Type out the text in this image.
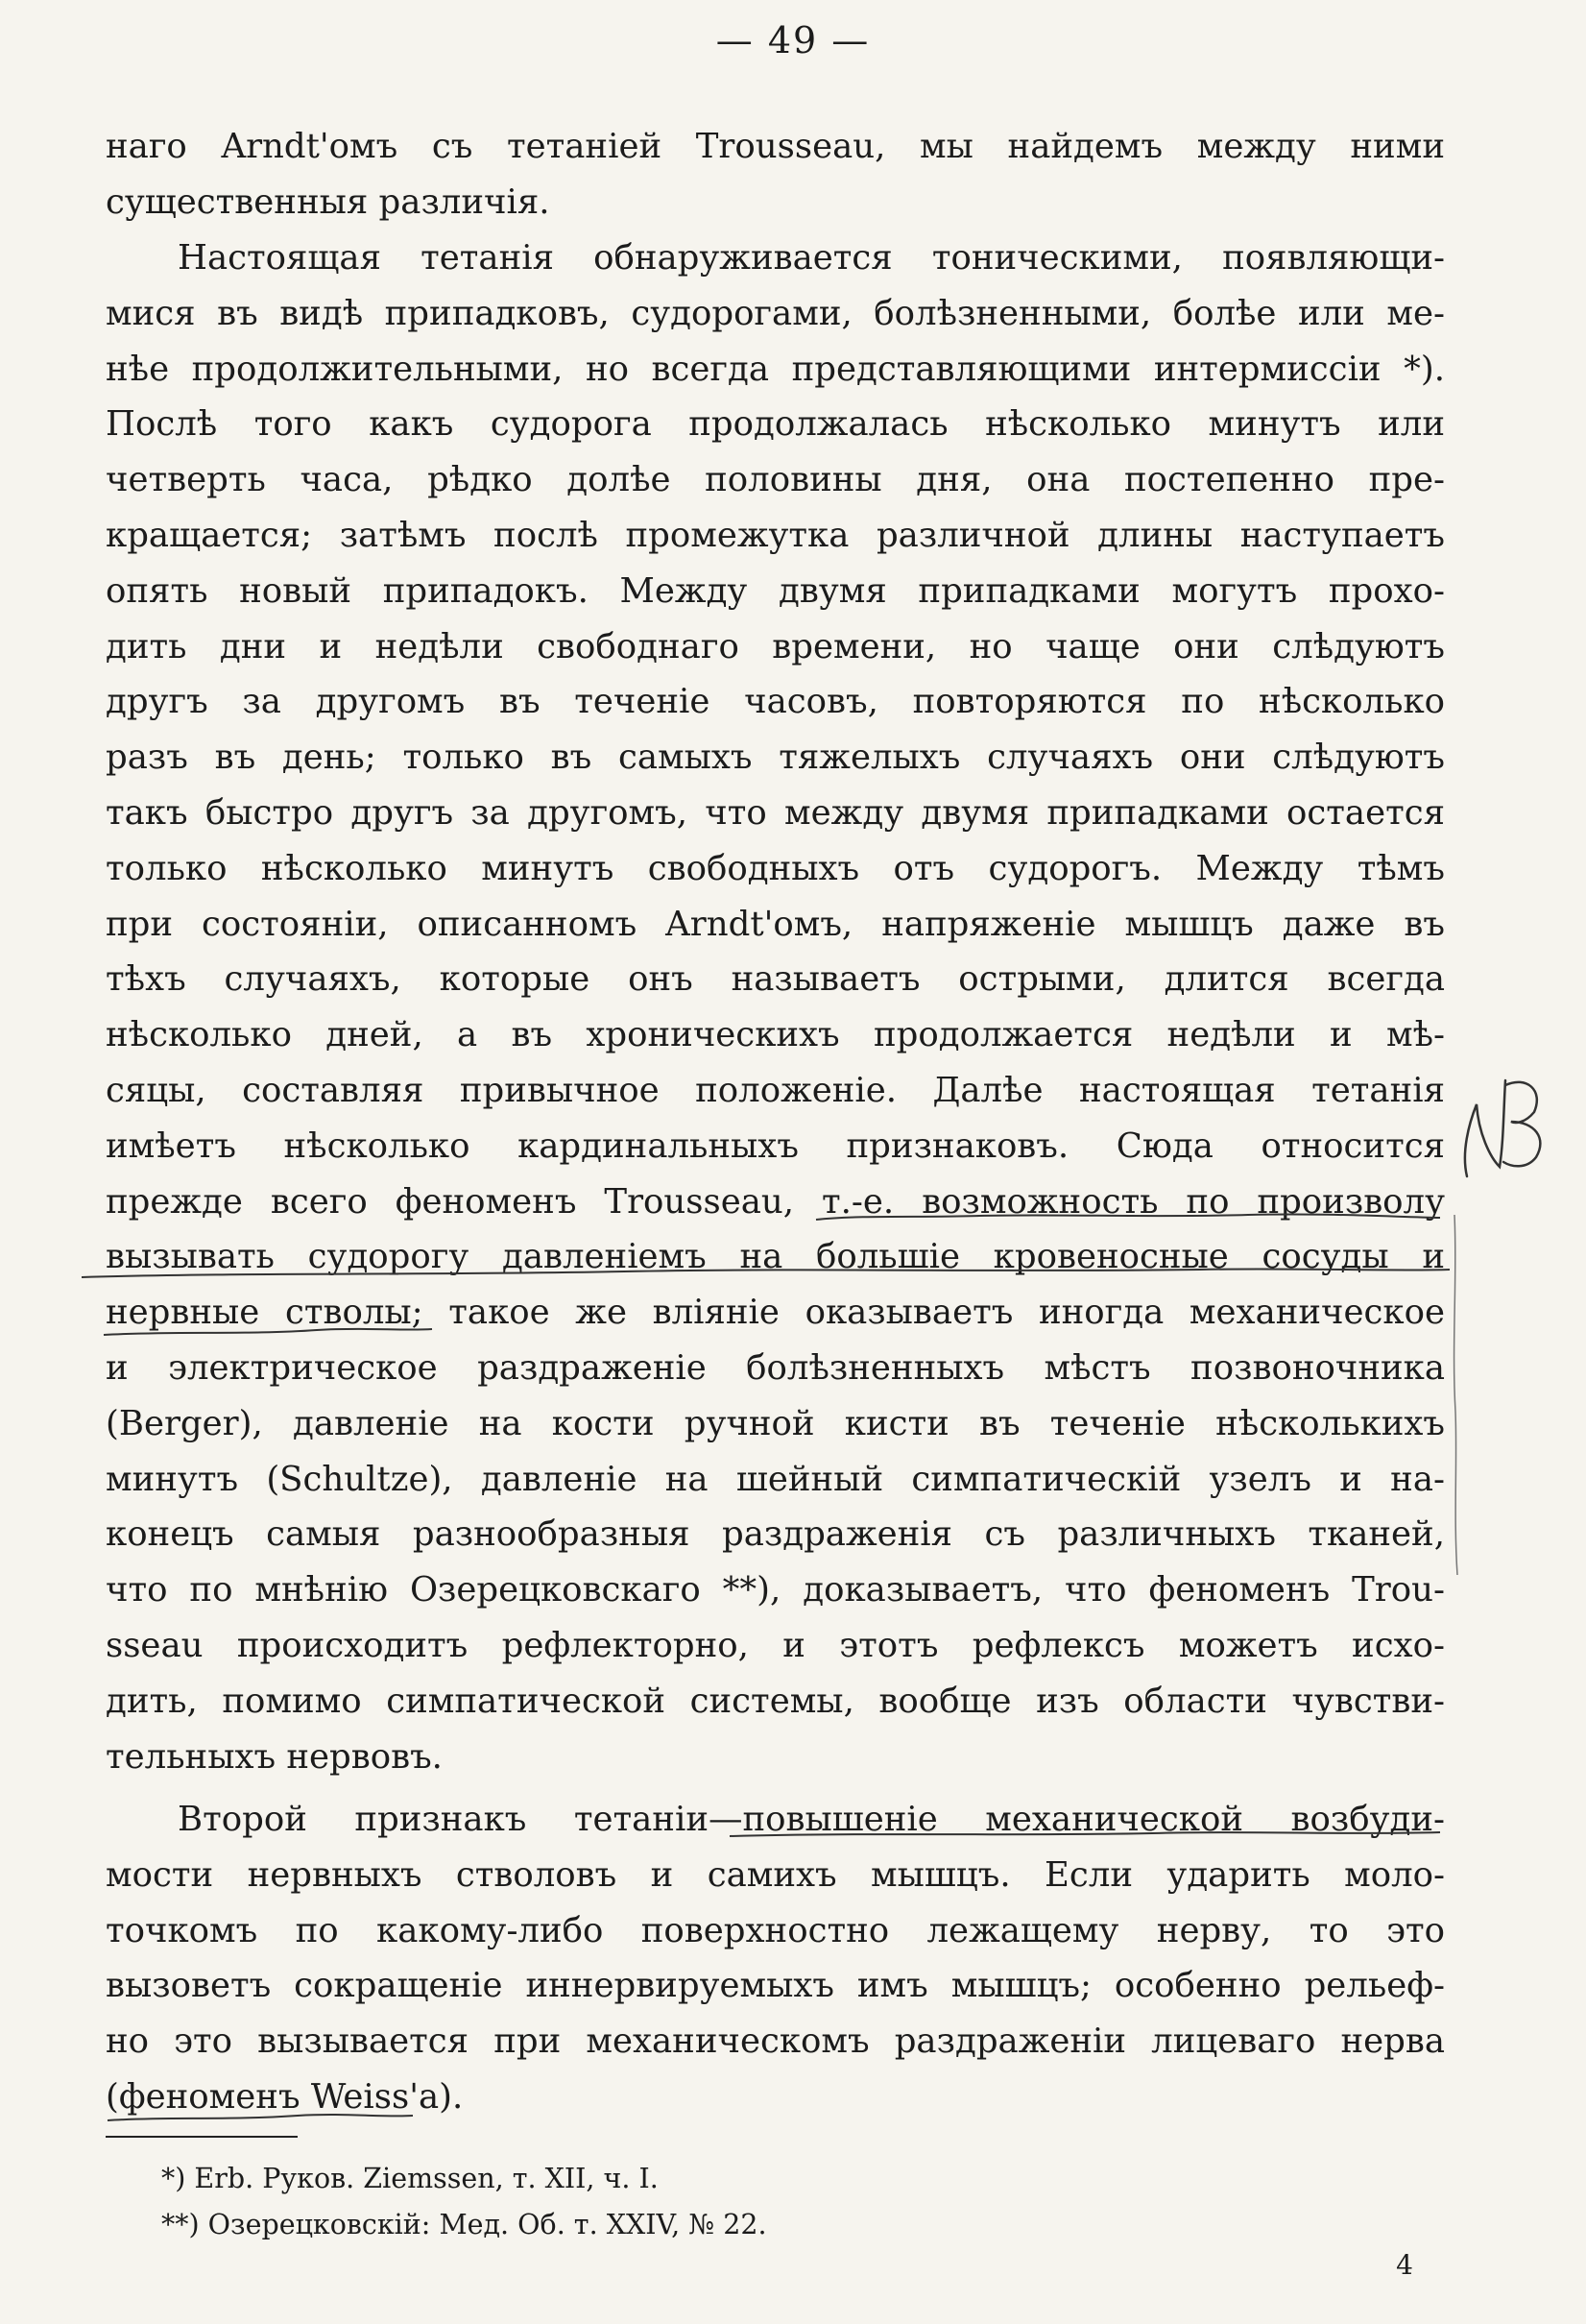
— 49 —
наго Arndt'омъ съ тетаніей Trousseau, мы найдемъ между ними
существенныя различія.
Настоящая тетанія обнаруживается тоническими, появляющи-
мися въ видѣ припадковъ, судорогами, болѣзненными, болѣе или ме-
нѣе продолжительными, но всегда представляющими интермиссіи *).
Послѣ того какъ судорога продолжалась нѣсколько минутъ или
четверть часа, рѣдко долѣе половины дня, она постепенно пре-
кращается; затѣмъ послѣ промежутка различной длины наступаетъ
опять новый припадокъ. Между двумя припадками могутъ прохо-
дить дни и недѣли свободнаго времени, но чаще они слѣдуютъ
другъ за другомъ въ теченіе часовъ, повторяются по нѣсколько
разъ въ день; только въ самыхъ тяжелыхъ случаяхъ они слѣдуютъ
такъ быстро другъ за другомъ, что между двумя припадками остается
только нѣсколько минутъ свободныхъ отъ судорогъ. Между тѣмъ
при состояніи, описанномъ Arndt'омъ, напряженіе мышцъ даже въ
тѣхъ случаяхъ, которые онъ называетъ острыми, длится всегда
нѣсколько дней, а въ хроническихъ продолжается недѣли и мѣ-
сяцы, составляя привычное положеніе. Далѣе настоящая тетанія
имѣетъ нѣсколько кардинальныхъ признаковъ. Сюда относится
прежде всего феноменъ Trousseau, т.-е. возможность по произволу
вызывать судорогу давленіемъ на большіе кровеносные сосуды и
нервные стволы; такое же вліяніе оказываетъ иногда механическое
и электрическое раздраженіе болѣзненныхъ мѣстъ позвоночника
(Berger), давленіе на кости ручной кисти въ теченіе нѣсколькихъ
минутъ (Schultze), давленіе на шейный симпатическій узелъ и на-
конецъ самыя разнообразныя раздраженія съ различныхъ тканей,
что по мнѣнію Озерецковскаго **), доказываетъ, что феноменъ Trou-
sseau происходитъ рефлекторно, и этотъ рефлексъ можетъ исхо-
дить, помимо симпатической системы, вообще изъ области чувстви-
тельныхъ нервовъ.
Второй признакъ тетаніи—повышеніе механической возбуди-
мости нервныхъ стволовъ и самихъ мышцъ. Если ударить моло-
точкомъ по какому-либо поверхностно лежащему нерву, то это
вызоветъ сокращеніе иннервируемыхъ имъ мышцъ; особенно рельеф-
но это вызывается при механическомъ раздраженіи лицеваго нерва
(феноменъ Weiss'а).
*) Erb. Руков. Ziemssen, т. XII, ч. I.
**) Озерецковскій: Мед. Об. т. XXIV, № 22.
4
